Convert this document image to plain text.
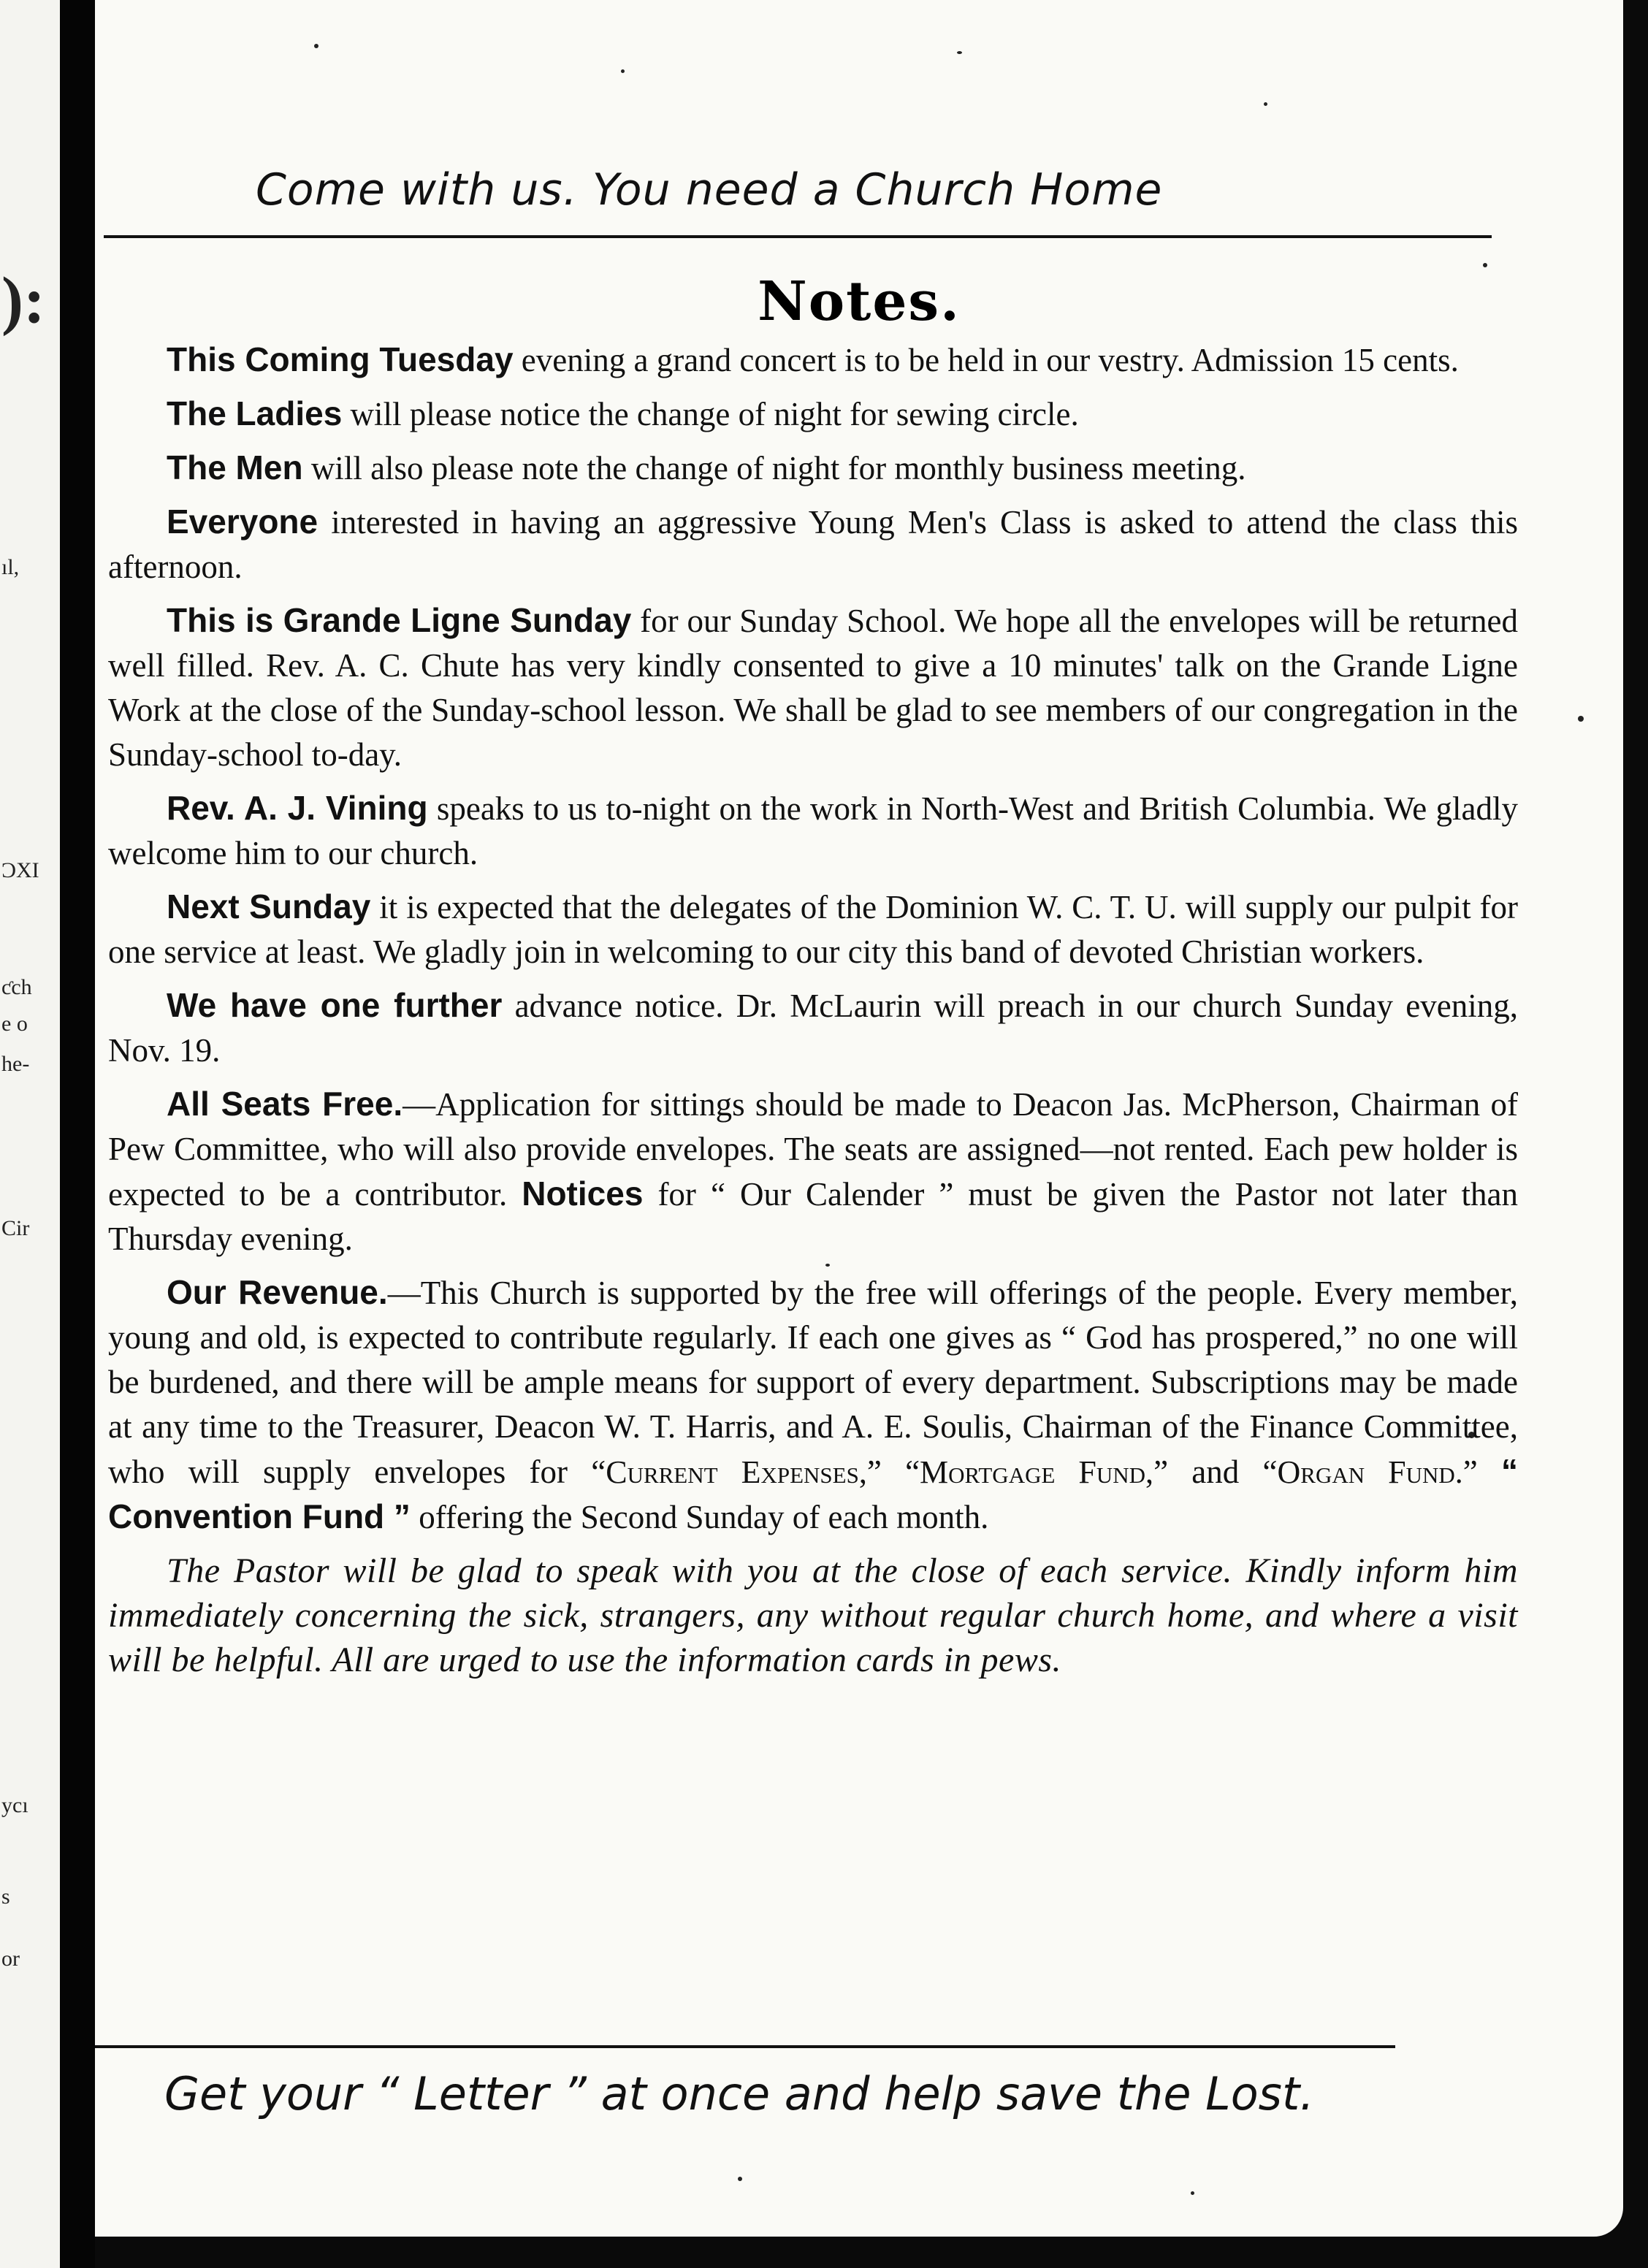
):
ıl,
ƆXI
ƈch
e o
he-
Cir
ycı
s
or
Come with us. You need a Church Home
Notes.

This Coming Tuesday evening a grand concert is to be held in our vestry. Admission 15 cents.

The Ladies will please notice the change of night for sewing circle.

The Men will also please note the change of night for monthly business meeting.

Everyone interested in having an aggressive Young Men's Class is asked to attend the class this afternoon.

This is Grande Ligne Sunday for our Sunday School. We hope all the envelopes will be returned well filled. Rev. A. C. Chute has very kindly consented to give a 10 minutes' talk on the Grande Ligne Work at the close of the Sunday-school lesson. We shall be glad to see members of our congregation in the Sunday-school to-day.

Rev. A. J. Vining speaks to us to-night on the work in North-West and British Columbia. We gladly welcome him to our church.

Next Sunday it is expected that the delegates of the Dominion W. C. T. U. will supply our pulpit for one service at least. We gladly join in welcoming to our city this band of devoted Christian workers.

We have one further advance notice. Dr. McLaurin will preach in our church Sunday evening, Nov. 19.

All Seats Free.—Application for sittings should be made to Deacon Jas. McPherson, Chairman of Pew Committee, who will also provide envelopes. The seats are assigned—not rented. Each pew holder is expected to be a contributor. Notices for “ Our Calender ” must be given the Pastor not later than Thursday evening.

Our Revenue.—This Church is supported by the free will offerings of the people. Every member, young and old, is expected to contribute regularly. If each one gives as “ God has prospered,” no one will be burdened, and there will be ample means for support of every department. Subscriptions may be made at any time to the Treasurer, Deacon W. T. Harris, and A. E. Soulis, Chairman of the Finance Committee, who will supply envelopes for “Current Expenses,” “Mortgage Fund,” and “Organ Fund.” “ Convention Fund ” offering the Second Sunday of each month.

The Pastor will be glad to speak with you at the close of each service. Kindly inform him immediately concerning the sick, strangers, any without regular church home, and where a visit will be helpful. All are urged to use the information cards in pews.

Get your “ Letter ” at once and help save the Lost.
